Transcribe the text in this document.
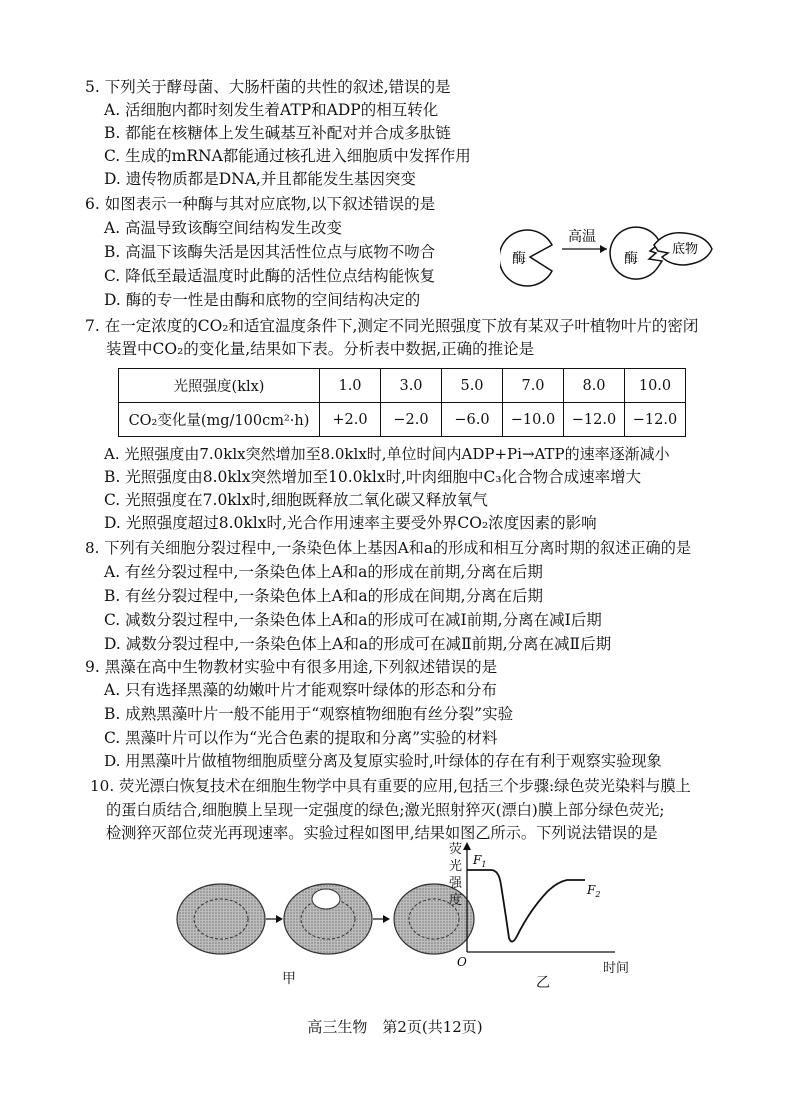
5. 下列关于酵母菌、大肠杆菌的共性的叙述,错误的是
A. 活细胞内都时刻发生着ATP和ADP的相互转化
B. 都能在核糖体上发生碱基互补配对并合成多肽链
C. 生成的mRNA都能通过核孔进入细胞质中发挥作用
D. 遗传物质都是DNA,并且都能发生基因突变
6. 如图表示一种酶与其对应底物,以下叙述错误的是
A. 高温导致该酶空间结构发生改变
B. 高温下该酶失活是因其活性位点与底物不吻合
C. 降低至最适温度时此酶的活性位点结构能恢复
D. 酶的专一性是由酶和底物的空间结构决定的
酶
高温
酶
底物
7. 在一定浓度的CO₂和适宜温度条件下,测定不同光照强度下放有某双子叶植物叶片的密闭
装置中CO₂的变化量,结果如下表。分析表中数据,正确的推论是
光照强度(klx)	1.0	3.0	5.0	7.0	8.0	10.0
CO₂变化量(mg/100cm²·h)	+2.0	−2.0	−6.0	−10.0	−12.0	−12.0
A. 光照强度由7.0klx突然增加至8.0klx时,单位时间内ADP+Pi→ATP的速率逐渐减小
B. 光照强度由8.0klx突然增加至10.0klx时,叶肉细胞中C₃化合物合成速率增大
C. 光照强度在7.0klx时,细胞既释放二氧化碳又释放氧气
D. 光照强度超过8.0klx时,光合作用速率主要受外界CO₂浓度因素的影响
8. 下列有关细胞分裂过程中,一条染色体上基因A和a的形成和相互分离时期的叙述正确的是
A. 有丝分裂过程中,一条染色体上A和a的形成在前期,分离在后期
B. 有丝分裂过程中,一条染色体上A和a的形成在间期,分离在后期
C. 减数分裂过程中,一条染色体上A和a的形成可在减Ⅰ前期,分离在减Ⅰ后期
D. 减数分裂过程中,一条染色体上A和a的形成可在减Ⅱ前期,分离在减Ⅱ后期
9. 黑藻在高中生物教材实验中有很多用途,下列叙述错误的是
A. 只有选择黑藻的幼嫩叶片才能观察叶绿体的形态和分布
B. 成熟黑藻叶片一般不能用于“观察植物细胞有丝分裂”实验
C. 黑藻叶片可以作为“光合色素的提取和分离”实验的材料
D. 用黑藻叶片做植物细胞质壁分离及复原实验时,叶绿体的存在有利于观察实验现象
10. 荧光漂白恢复技术在细胞生物学中具有重要的应用,包括三个步骤:绿色荧光染料与膜上
的蛋白质结合,细胞膜上呈现一定强度的绿色;激光照射猝灭(漂白)膜上部分绿色荧光;
检测猝灭部位荧光再现速率。实验过程如图甲,结果如图乙所示。下列说法错误的是
甲
荧光强度
$F_1$
$F_2$
O	时间
乙
高三生物　第2页(共12页)
